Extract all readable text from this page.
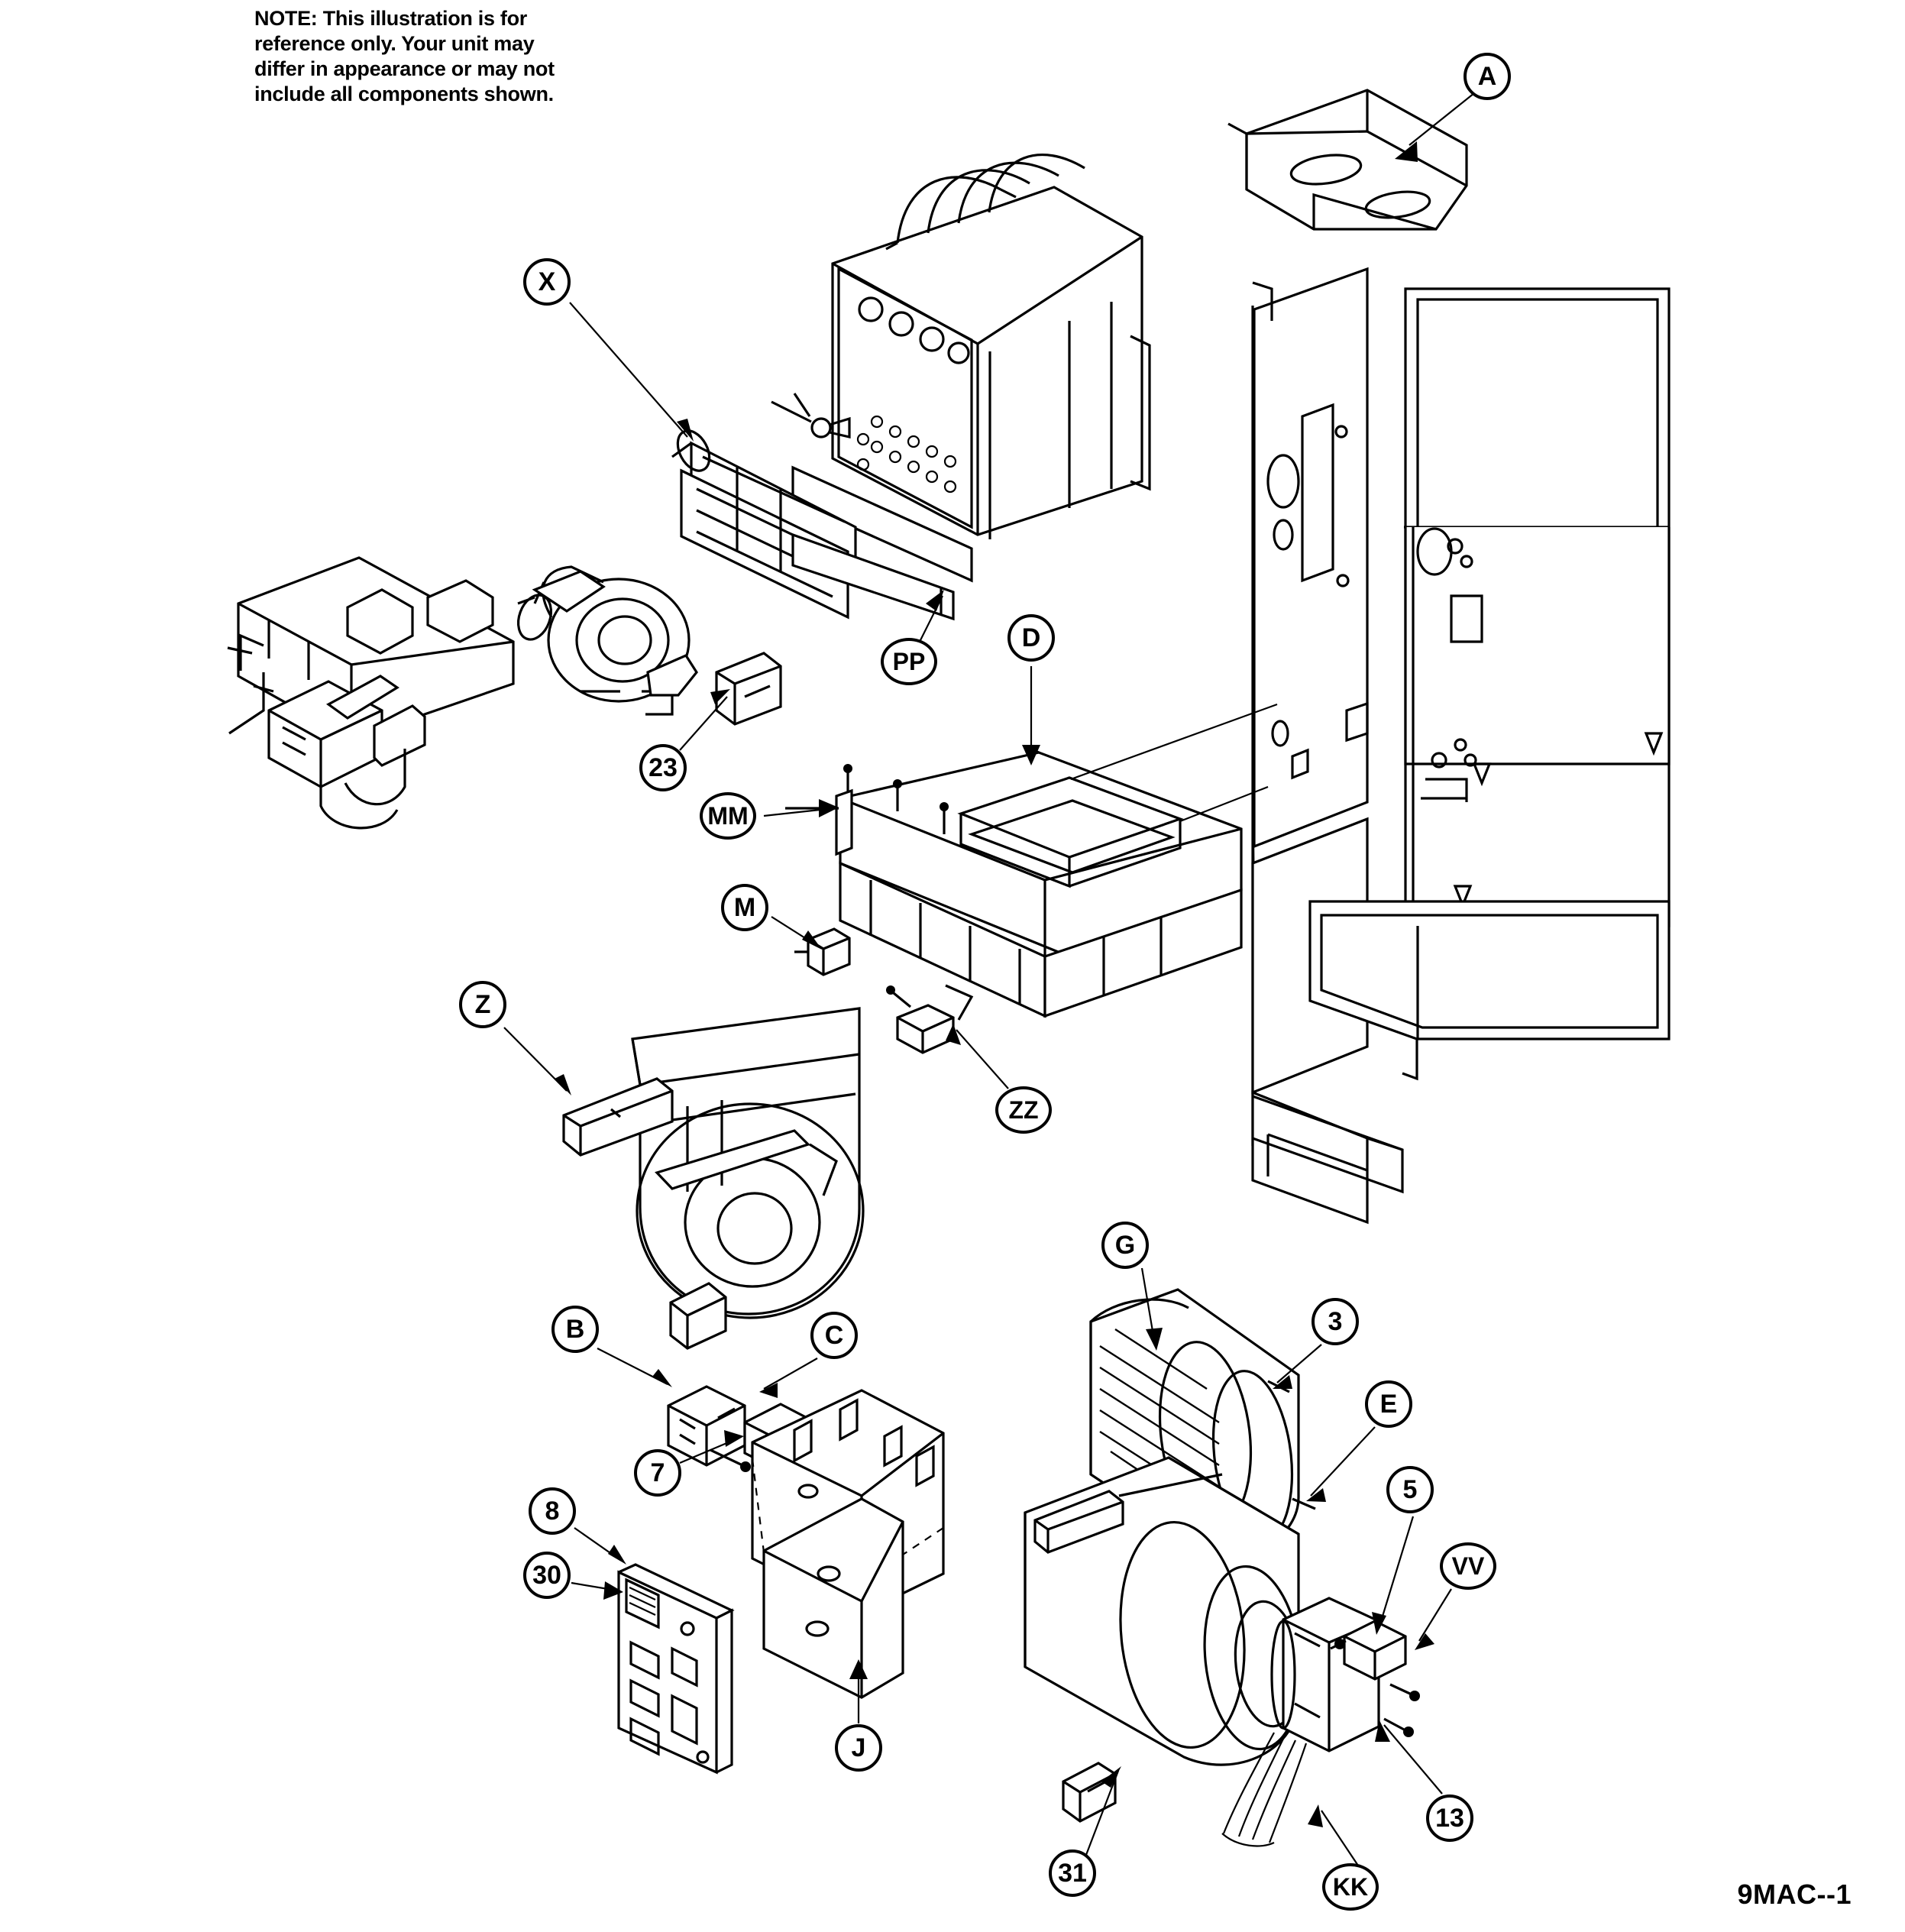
NOTE: This illustration is for reference only. Your unit may differ in appearance or may not include all components shown.
A
X
PP
D
23
MM
M
Z
ZZ
G
3
B	C
E
7
5
8
VV
30
J
13
31	KK	9MAC--1
